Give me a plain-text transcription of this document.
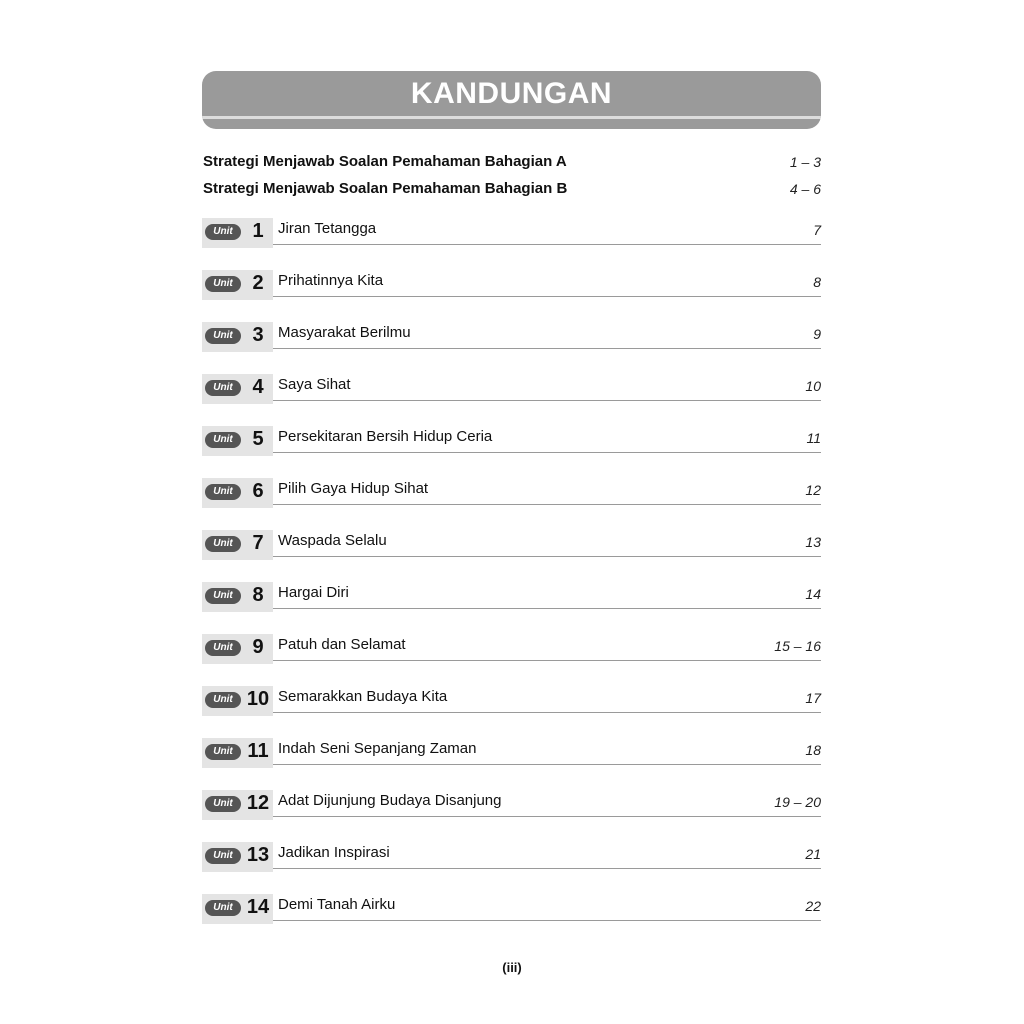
KANDUNGAN
Strategi Menjawab Soalan Pemahaman Bahagian A	1 – 3
Strategi Menjawab Soalan Pemahaman Bahagian B	4 – 6
Unit 1 Jiran Tetangga	7
Unit 2 Prihatinnya Kita	8
Unit 3 Masyarakat Berilmu	9
Unit 4 Saya Sihat	10
Unit 5 Persekitaran Bersih Hidup Ceria	11
Unit 6 Pilih Gaya Hidup Sihat	12
Unit 7 Waspada Selalu	13
Unit 8 Hargai Diri	14
Unit 9 Patuh dan Selamat	15 – 16
Unit 10 Semarakkan Budaya Kita	17
Unit 11 Indah Seni Sepanjang Zaman	18
Unit 12 Adat Dijunjung Budaya Disanjung	19 – 20
Unit 13 Jadikan Inspirasi	21
Unit 14 Demi Tanah Airku	22
(iii)
